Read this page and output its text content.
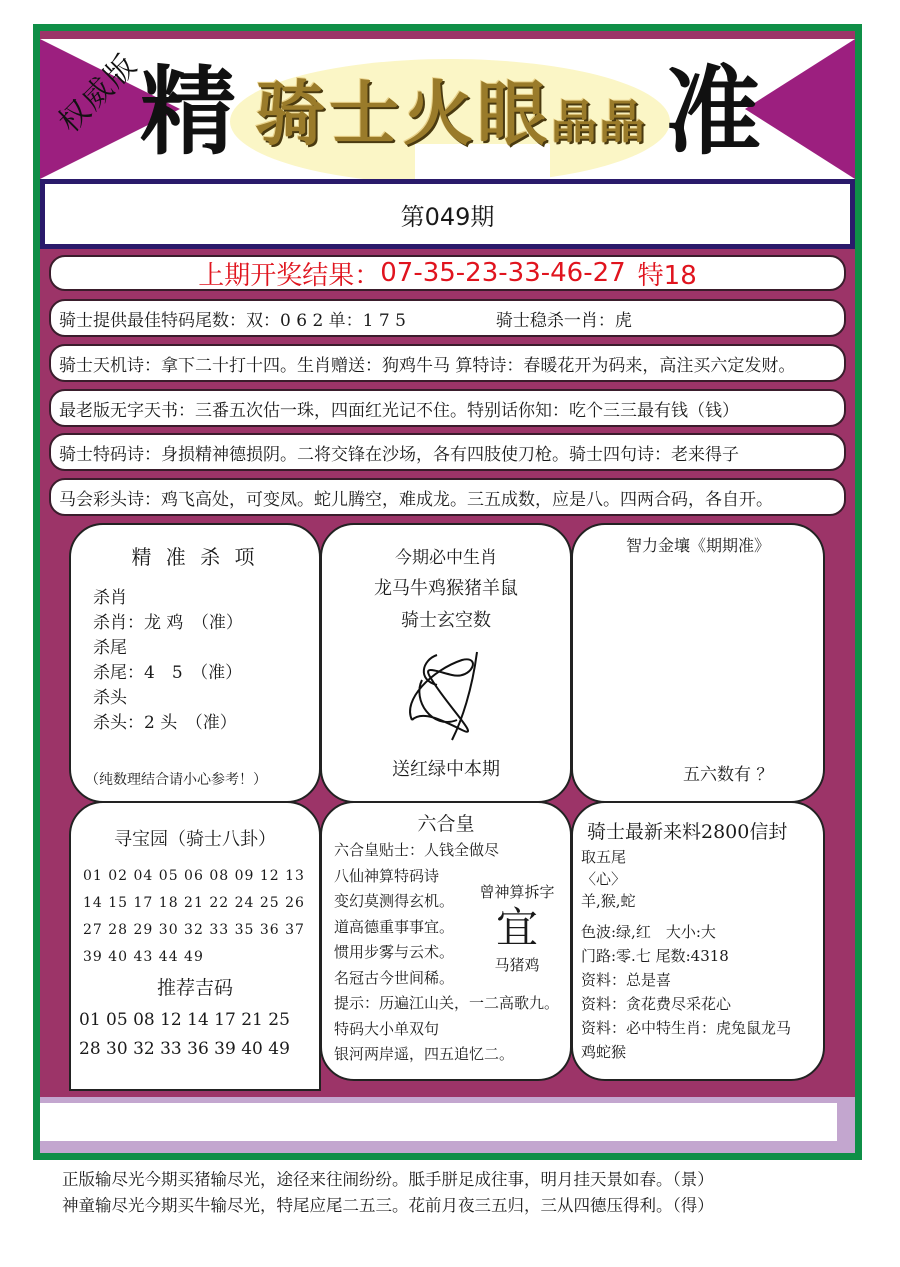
权威版
精 骑士火眼晶晶 准
第049期
上期开奖结果： 07-35-23-33-46-27 特18
骑士提供最佳特码尾数：双：0 6 2 单：1 7 5	骑士稳杀一肖：虎
骑士天机诗：拿下二十打十四。生肖赠送：狗鸡牛马 算特诗：春暖花开为码来，高注买六定发财。
最老版无字天书：三番五次估一珠，四面红光记不住。特别话你知：吃个三三最有钱（钱）
骑士特码诗：身损精神德损阴。二将交锋在沙场，各有四肢使刀枪。骑士四句诗：老来得子
马会彩头诗：鸡飞高处，可变凤。蛇儿腾空，难成龙。三五成数，应是八。四两合码，各自开。
精 准 杀 项
杀肖
杀肖：龙 鸡　（准）
杀尾
杀尾：4　5　（准）
杀头
杀头：2 头　（准）
（纯数理结合请小心参考！）
今期必中生肖
龙马牛鸡猴猪羊鼠
骑士玄空数
送红绿中本期
智力金壤《期期准》
五六数有 ？
寻宝园（骑士八卦）
01 02 04 05 06 08 09 12 13
14 15 17 18 21 22 24 25 26
27 28 29 30 32 33 35 36 37
39 40 43 44 49
推荐吉码
01 05 08 12 14 17 21 25
28 30 32 33 36 39 40 49
六合皇
六合皇贴士：人钱全做尽
八仙神算特码诗
变幻莫测得玄机。
道高德重事事宜。
惯用步雾与云术。
名冠古今世间稀。
提示：历遍江山关，一二高歌九。
特码大小单双句
银河两岸遥，四五追忆二。
曾神算拆字
宜
马猪鸡
骑士最新来料2800信封
取五尾
〈心〉
羊,猴,蛇
色波:绿,红　大小:大
门路:零.七 尾数:4318
资料：总是喜
资料：贪花费尽采花心
资料：必中特生肖：虎兔鼠龙马
鸡蛇猴
正版输尽光今期买猪输尽光，途径来往闹纷纷。胝手胼足成往事，明月挂天景如春。（景）
神童输尽光今期买牛输尽光，特尾应尾二五三。花前月夜三五归，三从四德压得利。（得）
